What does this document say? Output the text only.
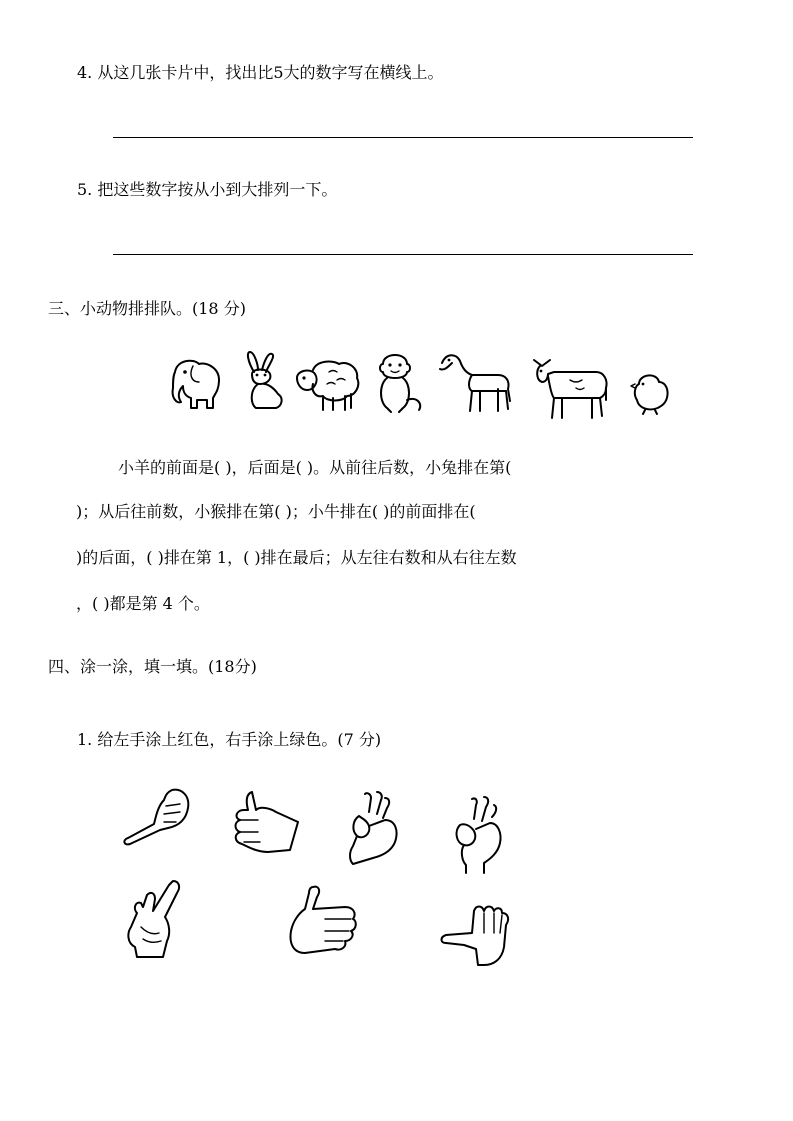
4. 从这几张卡片中，找出比5大的数字写在横线上。
5. 把这些数字按从小到大排列一下。
三、小动物排排队。(18 分)
小羊的前面是( )，后面是( )。从前往后数，小兔排在第(
)；从后往前数，小猴排在第( )；小牛排在( )的前面排在(
)的后面，( )排在第 1，( )排在最后；从左往右数和从右往左数
，( )都是第 4 个。
四、涂一涂，填一填。(18分)
1. 给左手涂上红色，右手涂上绿色。(7 分)
